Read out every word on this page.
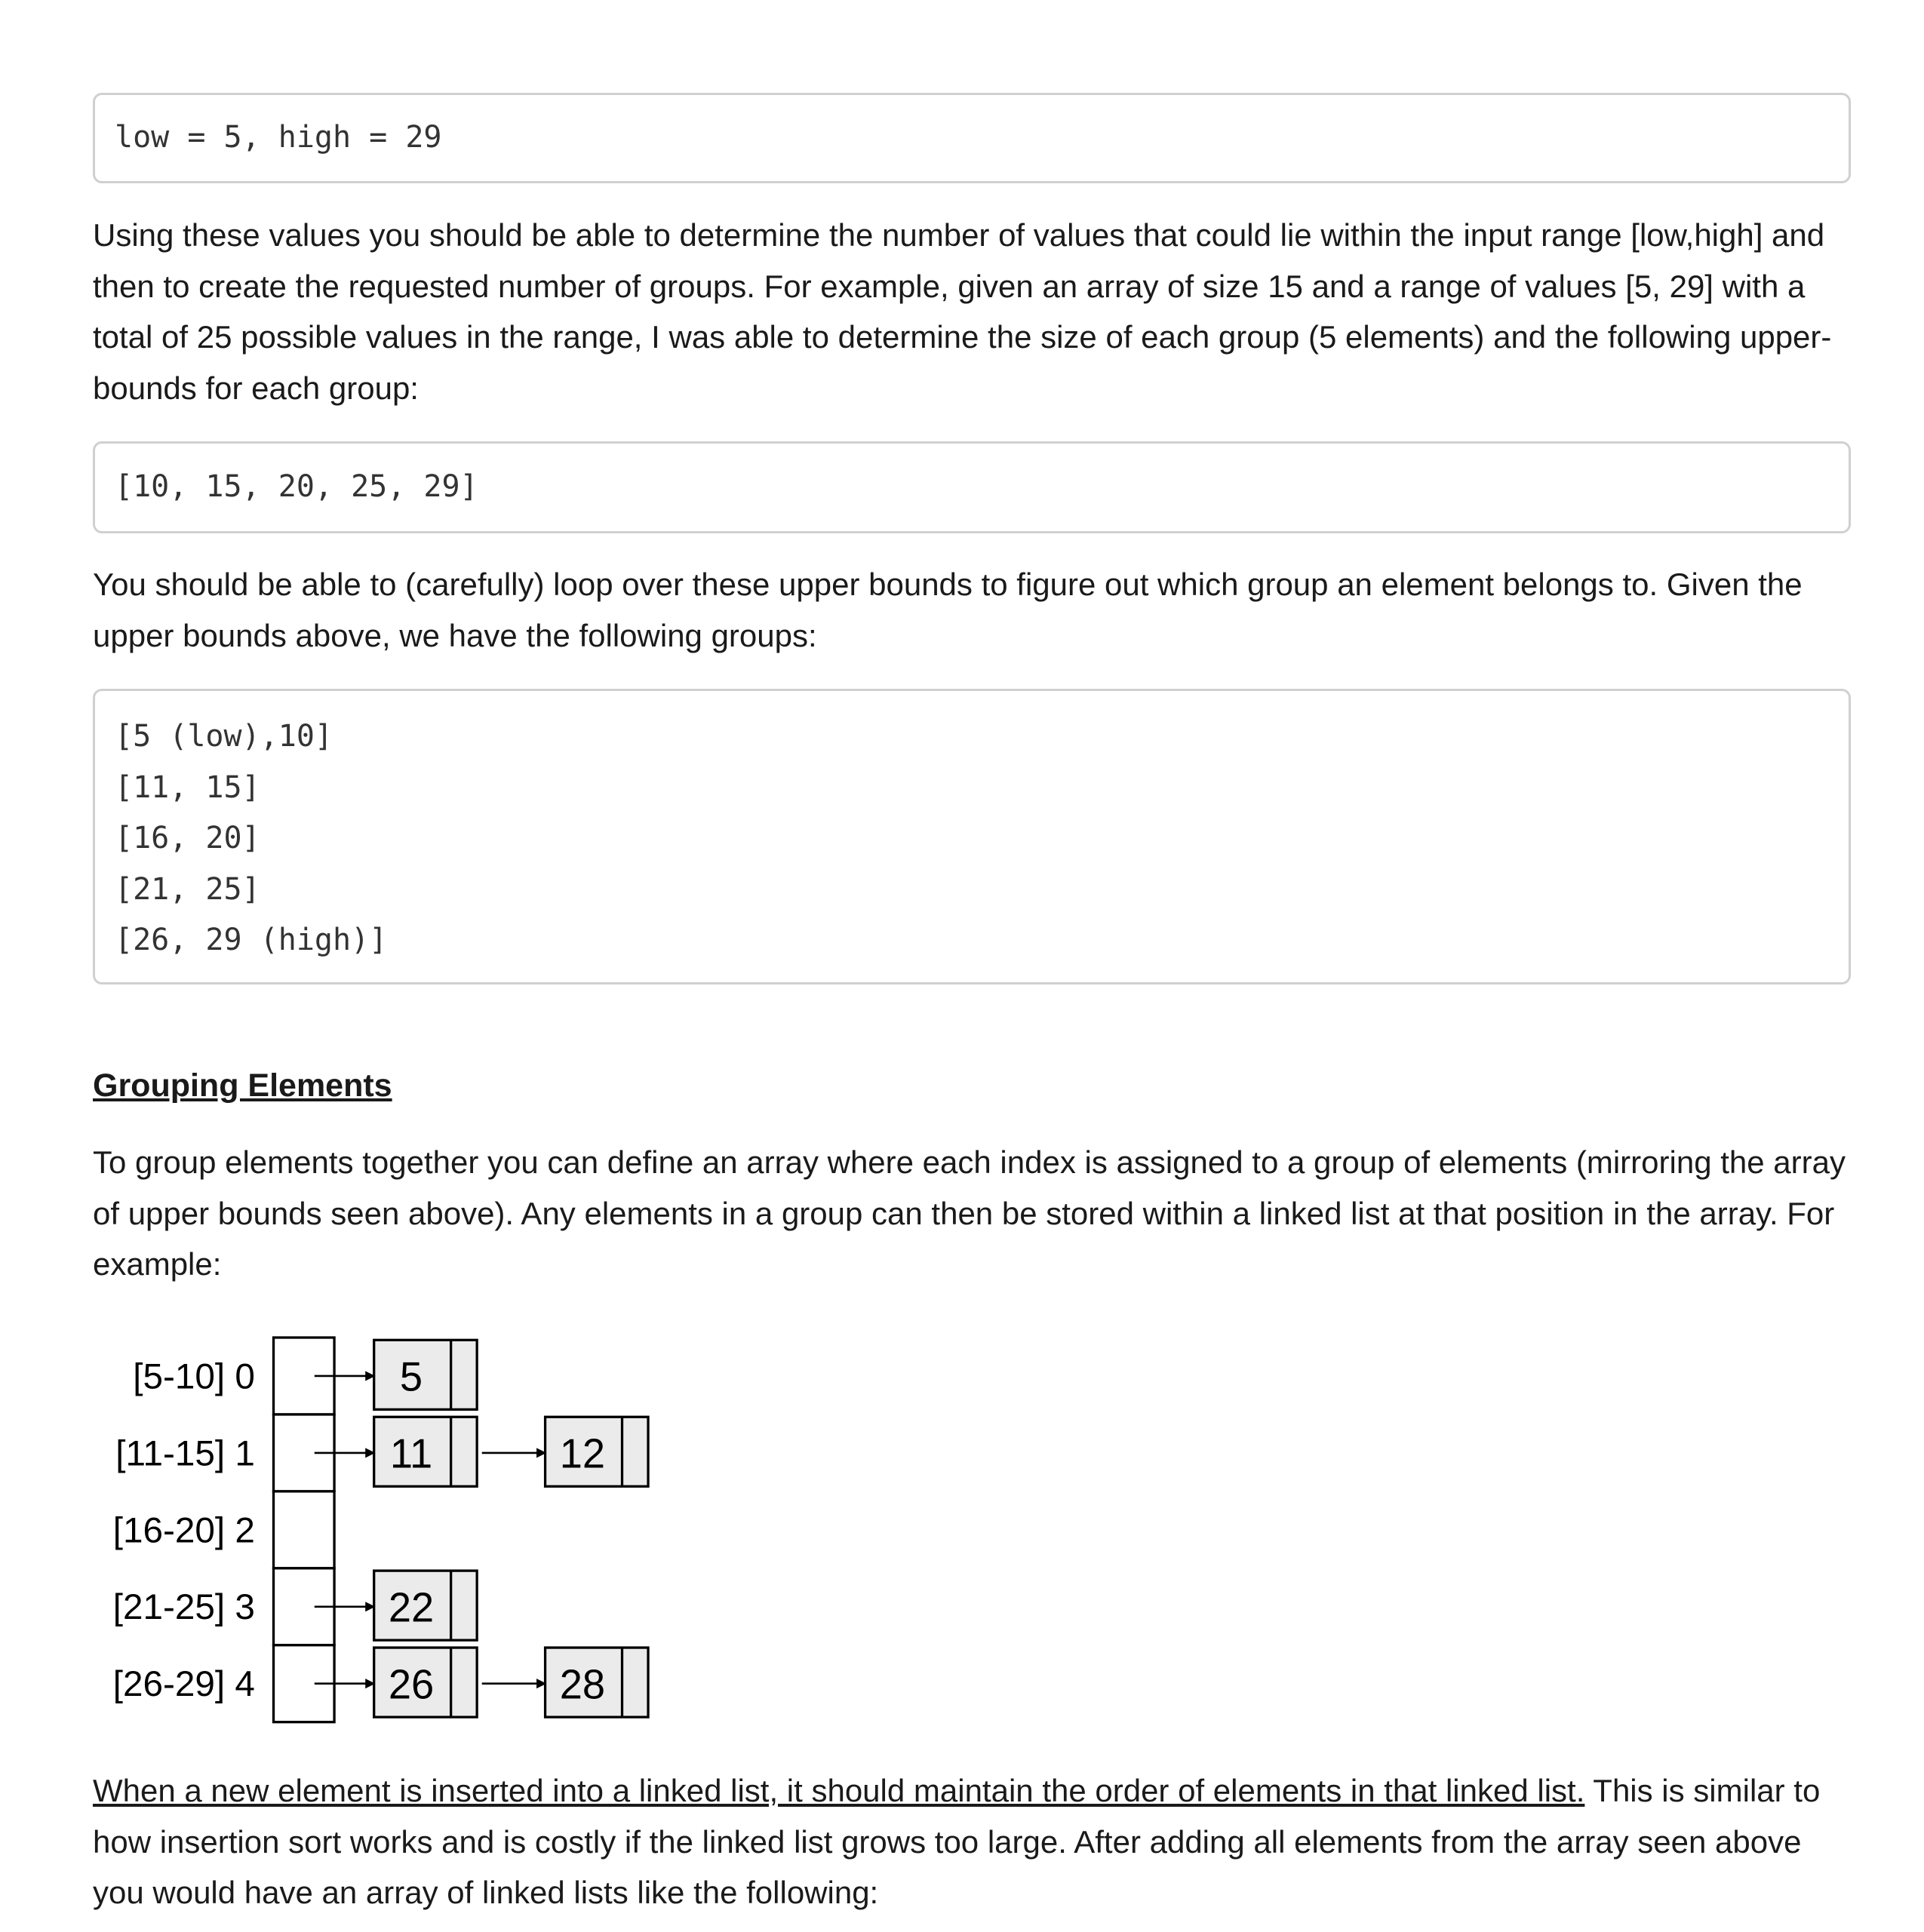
low = 5, high = 29

Using these values you should be able to determine the number of values that could lie within the input range [low,high] and then to create the requested number of groups. For example, given an array of size 15 and a range of values [5, 29] with a total of 25 possible values in the range, I was able to determine the size of each group (5 elements) and the following upper-bounds for each group:

[10, 15, 20, 25, 29]

You should be able to (carefully) loop over these upper bounds to figure out which group an element belongs to. Given the upper bounds above, we have the following groups:

[5 (low),10]
[11, 15]
[16, 20]
[21, 25]
[26, 29 (high)]
Grouping Elements

To group elements together you can define an array where each index is assigned to a group of elements (mirroring the array of upper bounds seen above). Any elements in a group can then be stored within a linked list at that position in the array. For example:

[5-10] 0	5
[11-15] 1	11	12
[16-20] 2
[21-25] 3	22
[26-29] 4	26	28

When a new element is inserted into a linked list, it should maintain the order of elements in that linked list. This is similar to how insertion sort works and is costly if the linked list grows too large. After adding all elements from the array seen above you would have an array of linked lists like the following:
